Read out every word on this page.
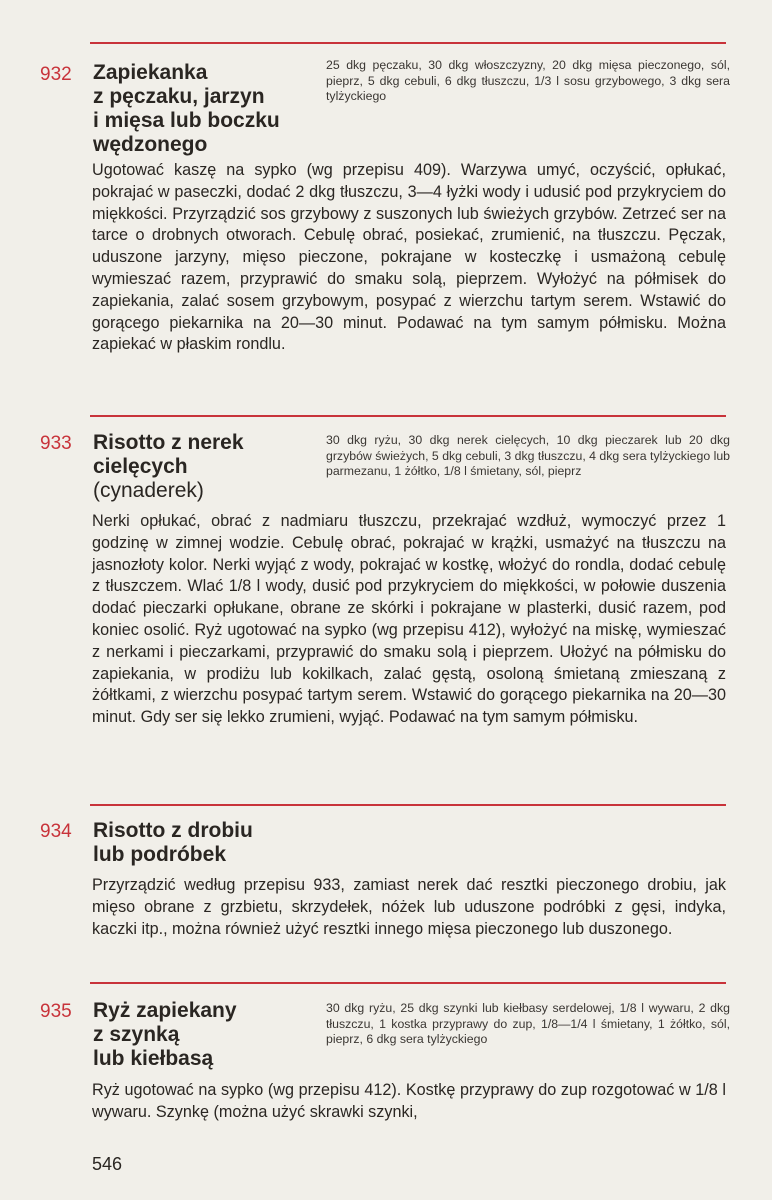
932 Zapiekanka
z pęczaku, jarzyn
i mięsa lub boczku
wędzonego
25 dkg pęczaku, 30 dkg włoszczyzny, 20 dkg mięsa pieczonego, sól, pieprz, 5 dkg cebuli, 6 dkg tłuszczu, 1/3 l sosu grzybowego, 3 dkg sera tylżyckiego
Ugotować kaszę na sypko (wg przepisu 409). Warzywa umyć, oczyścić, opłukać, pokrajać w paseczki, dodać 2 dkg tłuszczu, 3—4 łyżki wody i udusić pod przykryciem do miękkości. Przyrządzić sos grzybowy z suszonych lub świeżych grzybów. Zetrzeć ser na tarce o drobnych otworach. Cebulę obrać, posiekać, zrumienić, na tłuszczu. Pęczak, uduszone jarzyny, mięso pieczone, pokrajane w kosteczkę i usmażoną cebulę wymieszać razem, przyprawić do smaku solą, pieprzem. Wyłożyć na półmisek do zapiekania, zalać sosem grzybowym, posypać z wierzchu tartym serem. Wstawić do gorącego piekarnika na 20—30 minut. Podawać na tym samym półmisku. Można zapiekać w płaskim rondlu.
933 Risotto z nerek
cielęcych
(cynaderek)
30 dkg ryżu, 30 dkg nerek cielęcych, 10 dkg pieczarek lub 20 dkg grzybów świeżych, 5 dkg cebuli, 3 dkg tłuszczu, 4 dkg sera tylżyckiego lub parmezanu, 1 żółtko, 1/8 l śmietany, sól, pieprz
Nerki opłukać, obrać z nadmiaru tłuszczu, przekrajać wzdłuż, wymoczyć przez 1 godzinę w zimnej wodzie. Cebulę obrać, pokrajać w krążki, usmażyć na tłuszczu na jasnozłoty kolor. Nerki wyjąć z wody, pokrajać w kostkę, włożyć do rondla, dodać cebulę z tłuszczem. Wlać 1/8 l wody, dusić pod przykryciem do miękkości, w połowie duszenia dodać pieczarki opłukane, obrane ze skórki i pokrajane w plasterki, dusić razem, pod koniec osolić. Ryż ugotować na sypko (wg przepisu 412), wyłożyć na miskę, wymieszać z nerkami i pieczarkami, przyprawić do smaku solą i pieprzem. Ułożyć na półmisku do zapiekania, w prodiżu lub kokilkach, zalać gęstą, osoloną śmietaną zmieszaną z żółtkami, z wierzchu posypać tartym serem. Wstawić do gorącego piekarnika na 20—30 minut. Gdy ser się lekko zrumieni, wyjąć. Podawać na tym samym półmisku.
934 Risotto z drobiu
lub podróbek
Przyrządzić według przepisu 933, zamiast nerek dać resztki pieczonego drobiu, jak mięso obrane z grzbietu, skrzydełek, nóżek lub uduszone podróbki z gęsi, indyka, kaczki itp., można również użyć resztki innego mięsa pieczonego lub duszonego.
935 Ryż zapiekany
z szynką
lub kiełbasą
30 dkg ryżu, 25 dkg szynki lub kiełbasy serdelowej, 1/8 l wywaru, 2 dkg tłuszczu, 1 kostka przyprawy do zup, 1/8—1/4 l śmietany, 1 żółtko, sól, pieprz, 6 dkg sera tylżyckiego
Ryż ugotować na sypko (wg przepisu 412). Kostkę przyprawy do zup rozgotować w 1/8 l wywaru. Szynkę (można użyć skrawki szynki,
546
